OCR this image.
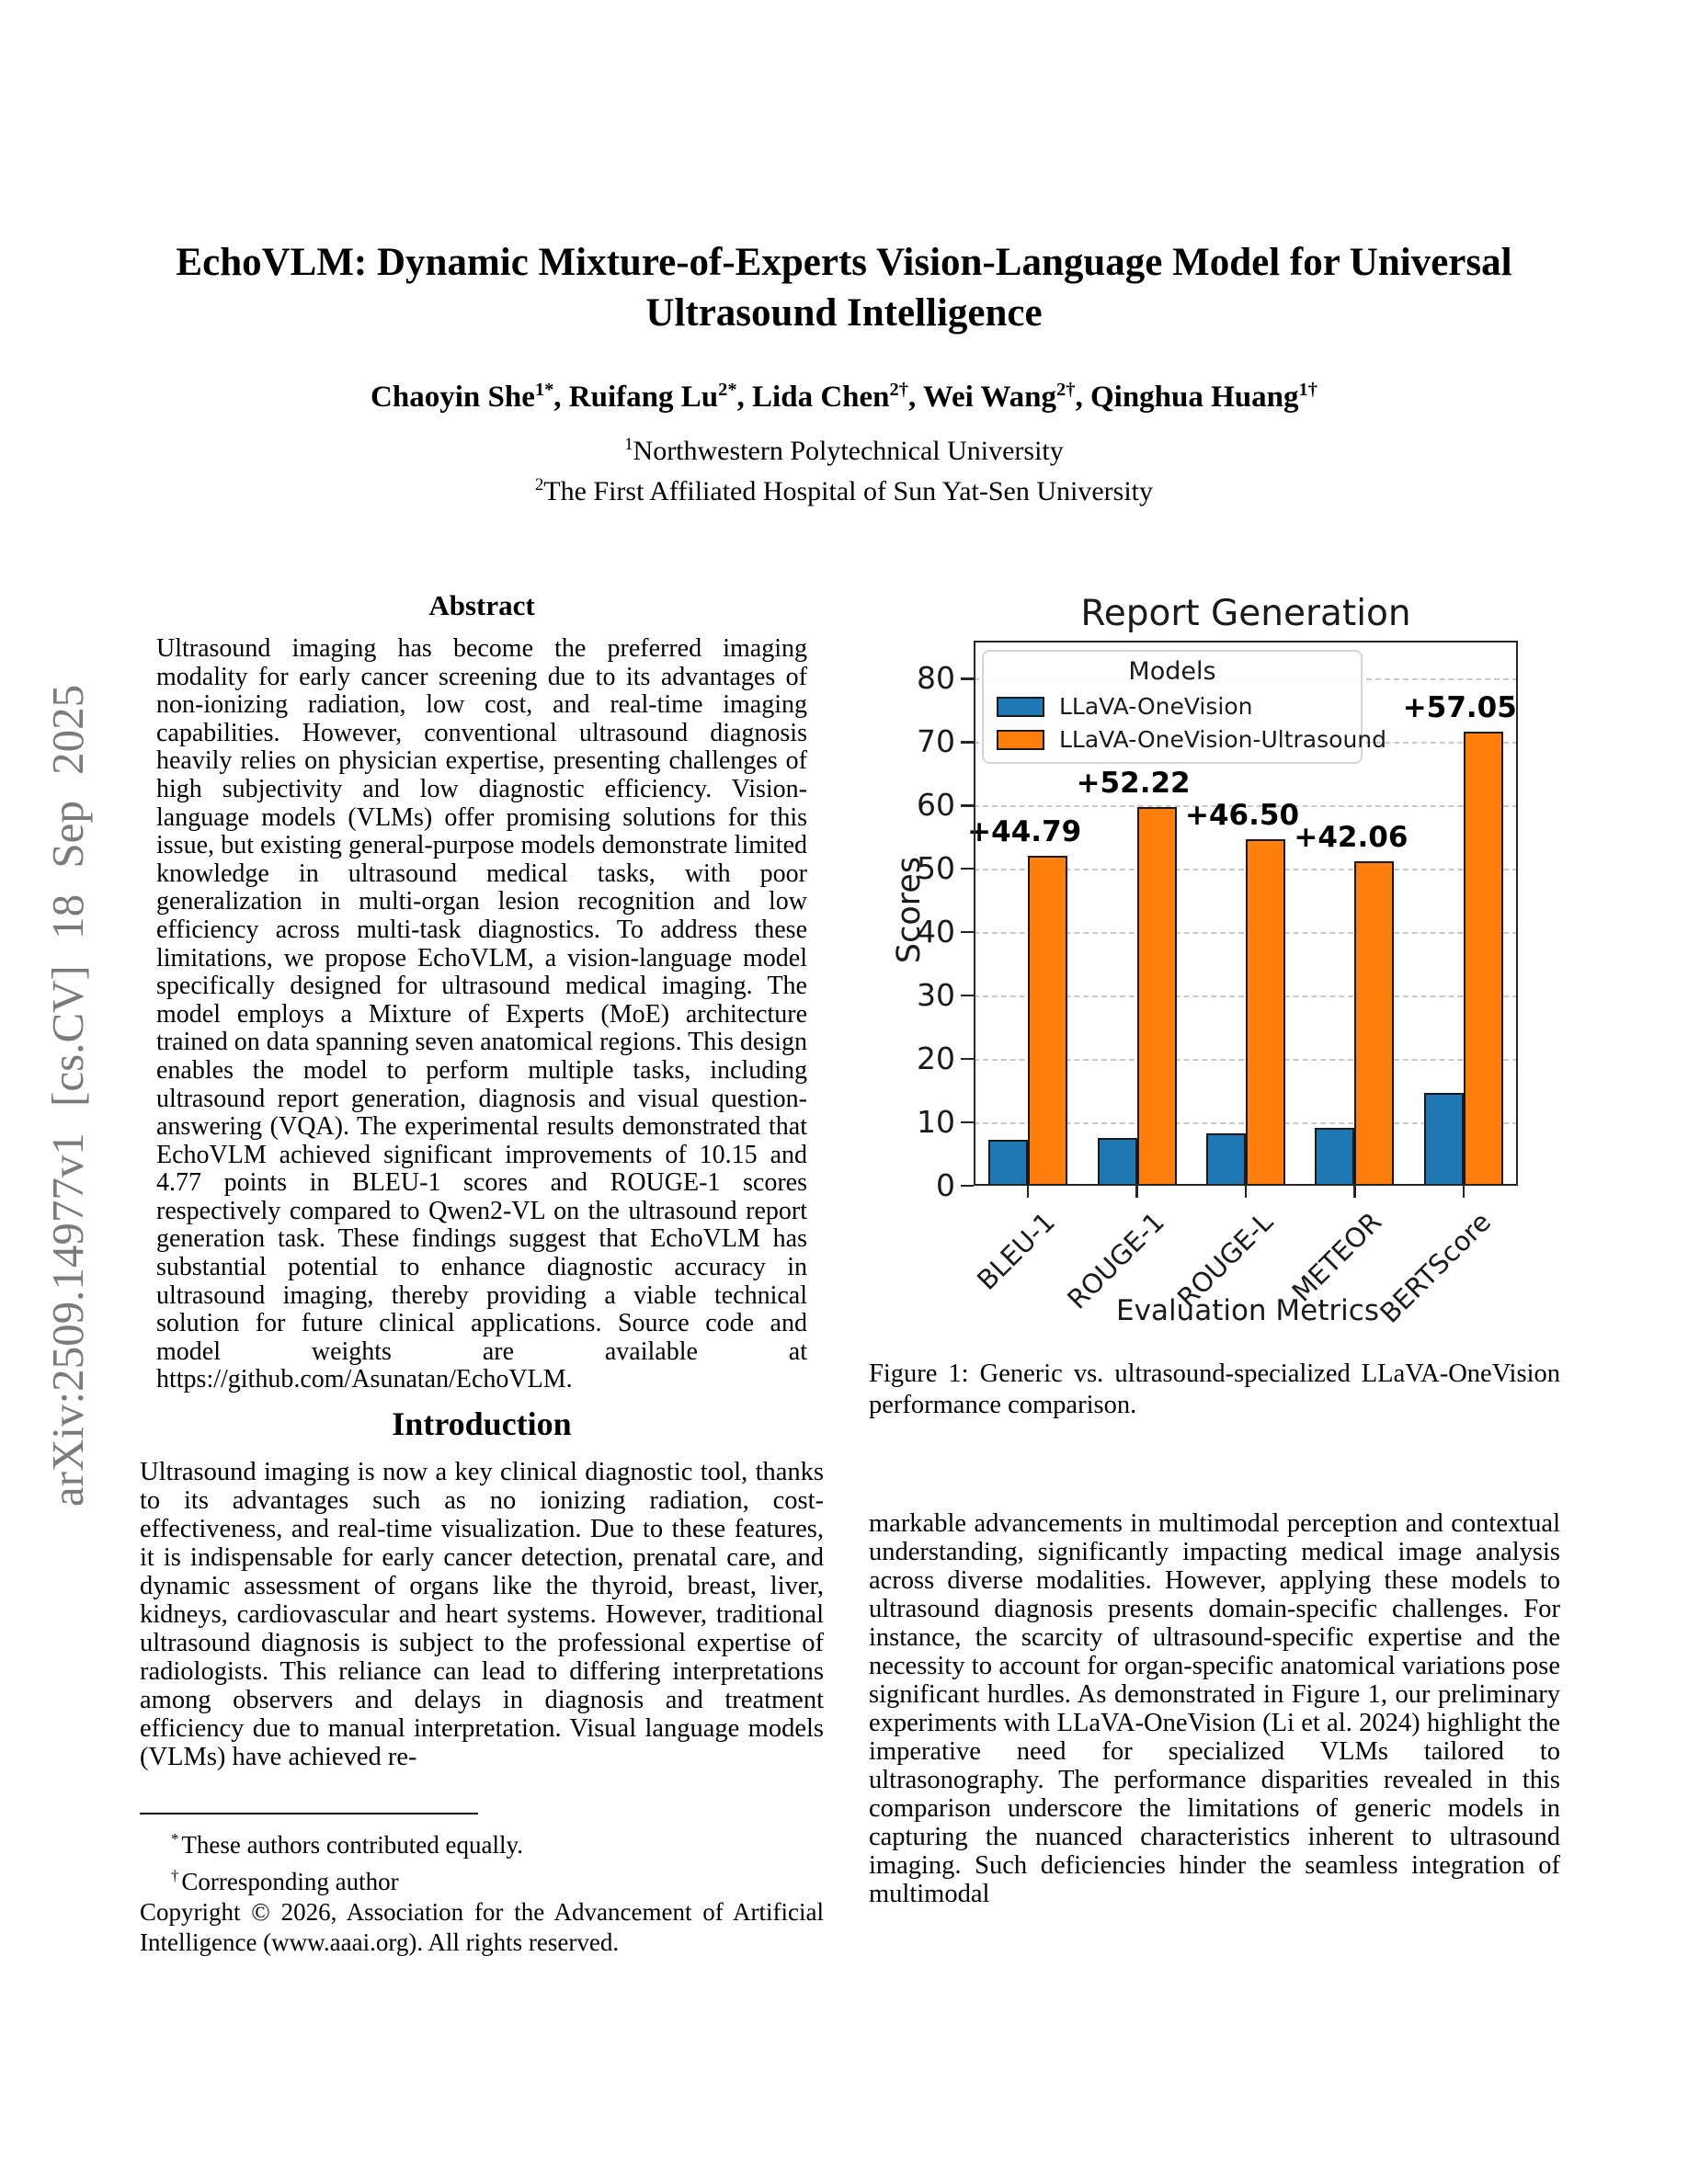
arXiv:2509.14977v1 [cs.CV] 18 Sep 2025
EchoVLM: Dynamic Mixture-of-Experts Vision-Language Model for Universal Ultrasound Intelligence
Chaoyin She$^{1*}$, Ruifang $Lu^{2*}$, Lida Chen$^{2\dagger}$, Wei Wang$^{2\dagger}$, Qinghua Huang$^{1\dagger}$
$^1$Northwestern Polytechnical University
$^2$The First Affiliated Hospital of Sun Yat-Sen University
Abstract
Ultrasound imaging has become the preferred imaging modality for early cancer screening due to its advantages of non-ionizing radiation, low cost, and real-time imaging capabilities. However, conventional ultrasound diagnosis heavily relies on physician expertise, presenting challenges of high subjectivity and low diagnostic efficiency. Vision-language models (VLMs) offer promising solutions for this issue, but existing general-purpose models demonstrate limited knowledge in ultrasound medical tasks, with poor generalization in multi-organ lesion recognition and low efficiency across multi-task diagnostics. To address these limitations, we propose EchoVLM, a vision-language model specifically designed for ultrasound medical imaging. The model employs a Mixture of Experts (MoE) architecture trained on data spanning seven anatomical regions. This design enables the model to perform multiple tasks, including ultrasound report generation, diagnosis and visual question-answering (VQA). The experimental results demonstrated that EchoVLM achieved significant improvements of 10.15 and 4.77 points in BLEU-1 scores and ROUGE-1 scores respectively compared to Qwen2-VL on the ultrasound report generation task. These findings suggest that EchoVLM has substantial potential to enhance diagnostic accuracy in ultrasound imaging, thereby providing a viable technical solution for future clinical applications. Source code and model weights are available at https://github.com/Asunatan/EchoVLM.
Introduction
Ultrasound imaging is now a key clinical diagnostic tool, thanks to its advantages such as no ionizing radiation, cost-effectiveness, and real-time visualization. Due to these features, it is indispensable for early cancer detection, prenatal care, and dynamic assessment of organs like the thyroid, breast, liver, kidneys, cardiovascular and heart systems. However, traditional ultrasound diagnosis is subject to the professional expertise of radiologists. This reliance can lead to differing interpretations among observers and delays in diagnosis and treatment efficiency due to manual interpretation. Visual language models (VLMs) have achieved re-
* These authors contributed equally.
† Corresponding author
Copyright © 2026, Association for the Advancement of Artificial Intelligence (www.aaai.org). All rights reserved.
Report Generation
Scores
Evaluation Metrics
Models
LLaVA-OneVision
LLaVA-OneVision-Ultrasound
0
10
20
30
40
50
60
70
80
+44.79
BLEU-1
+52.22
ROUGE-1
+46.50
ROUGE-L
+42.06
METEOR
+57.05
BERTScore
Figure 1: Generic vs. ultrasound-specialized LLaVA-OneVision performance comparison.
markable advancements in multimodal perception and contextual understanding, significantly impacting medical image analysis across diverse modalities. However, applying these models to ultrasound diagnosis presents domain-specific challenges. For instance, the scarcity of ultrasound-specific expertise and the necessity to account for organ-specific anatomical variations pose significant hurdles. As demonstrated in Figure 1, our preliminary experiments with LLaVA-OneVision (Li et al. 2024) highlight the imperative need for specialized VLMs tailored to ultrasonography. The performance disparities revealed in this comparison underscore the limitations of generic models in capturing the nuanced characteristics inherent to ultrasound imaging. Such deficiencies hinder the seamless integration of multimodal
